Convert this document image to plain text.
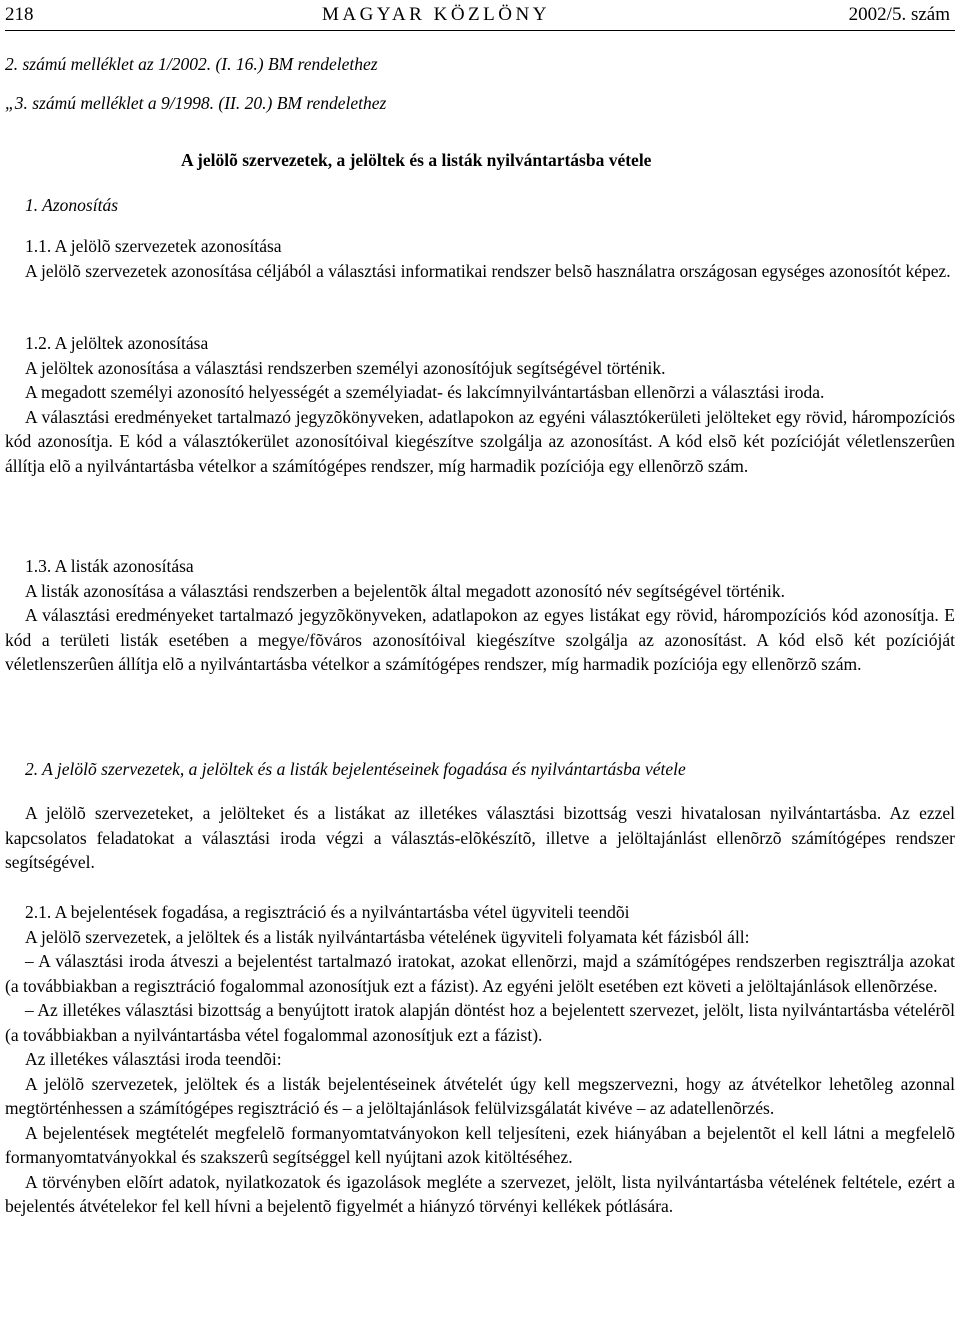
218	MAGYAR KÖZLÖNY	2002/5. szám
2. számú melléklet az 1/2002. (I. 16.) BM rendelethez
„3. számú melléklet a 9/1998. (II. 20.) BM rendelethez
A jelölõ szervezetek, a jelöltek és a listák nyilvántartásba vétele
1. Azonosítás

1.1. A jelölõ szervezetek azonosítása

A jelölõ szervezetek azonosítása céljából a választási informatikai rendszer belsõ használatra országosan egységes azonosítót képez.

1.2. A jelöltek azonosítása

A jelöltek azonosítása a választási rendszerben személyi azonosítójuk segítségével történik.

A megadott személyi azonosító helyességét a személyiadat- és lakcímnyilvántartásban ellenõrzi a választási iroda.

A választási eredményeket tartalmazó jegyzõkönyveken, adatlapokon az egyéni választókerületi jelölteket egy rövid, hárompozíciós kód azonosítja. E kód a választókerület azonosítóival kiegészítve szolgálja az azonosítást. A kód elsõ két pozícióját véletlenszerûen állítja elõ a nyilvántartásba vételkor a számítógépes rendszer, míg harmadik pozíciója egy ellenõrzõ szám.

1.3. A listák azonosítása

A listák azonosítása a választási rendszerben a bejelentõk által megadott azonosító név segítségével történik.

A választási eredményeket tartalmazó jegyzõkönyveken, adatlapokon az egyes listákat egy rövid, hárompozíciós kód azonosítja. E kód a területi listák esetében a megye/fõváros azonosítóival kiegészítve szolgálja az azonosítást. A kód elsõ két pozícióját véletlenszerûen állítja elõ a nyilvántartásba vételkor a számítógépes rendszer, míg harmadik pozíciója egy ellenõrzõ szám.

2. A jelölõ szervezetek, a jelöltek és a listák bejelentéseinek fogadása és nyilvántartásba vétele

A jelölõ szervezeteket, a jelölteket és a listákat az illetékes választási bizottság veszi hivatalosan nyilvántartásba. Az ezzel kapcsolatos feladatokat a választási iroda végzi a választás-elõkészítõ, illetve a jelöltajánlást ellenõrzõ számítógépes rendszer segítségével.

2.1. A bejelentések fogadása, a regisztráció és a nyilvántartásba vétel ügyviteli teendõi

A jelölõ szervezetek, a jelöltek és a listák nyilvántartásba vételének ügyviteli folyamata két fázisból áll:

– A választási iroda átveszi a bejelentést tartalmazó iratokat, azokat ellenõrzi, majd a számítógépes rendszerben regisztrálja azokat (a továbbiakban a regisztráció fogalommal azonosítjuk ezt a fázist). Az egyéni jelölt esetében ezt követi a jelöltajánlások ellenõrzése.

– Az illetékes választási bizottság a benyújtott iratok alapján döntést hoz a bejelentett szervezet, jelölt, lista nyilvántartásba vételérõl (a továbbiakban a nyilvántartásba vétel fogalommal azonosítjuk ezt a fázist).

Az illetékes választási iroda teendõi:

A jelölõ szervezetek, jelöltek és a listák bejelentéseinek átvételét úgy kell megszervezni, hogy az átvételkor lehetõleg azonnal megtörténhessen a számítógépes regisztráció és – a jelöltajánlások felülvizsgálatát kivéve – az adatellenõrzés.

A bejelentések megtételét megfelelõ formanyomtatványokon kell teljesíteni, ezek hiányában a bejelentõt el kell látni a megfelelõ formanyomtatványokkal és szakszerû segítséggel kell nyújtani azok kitöltéséhez.

A törvényben elõírt adatok, nyilatkozatok és igazolások megléte a szervezet, jelölt, lista nyilvántartásba vételének feltétele, ezért a bejelentés átvételekor fel kell hívni a bejelentõ figyelmét a hiányzó törvényi kellékek pótlására.
